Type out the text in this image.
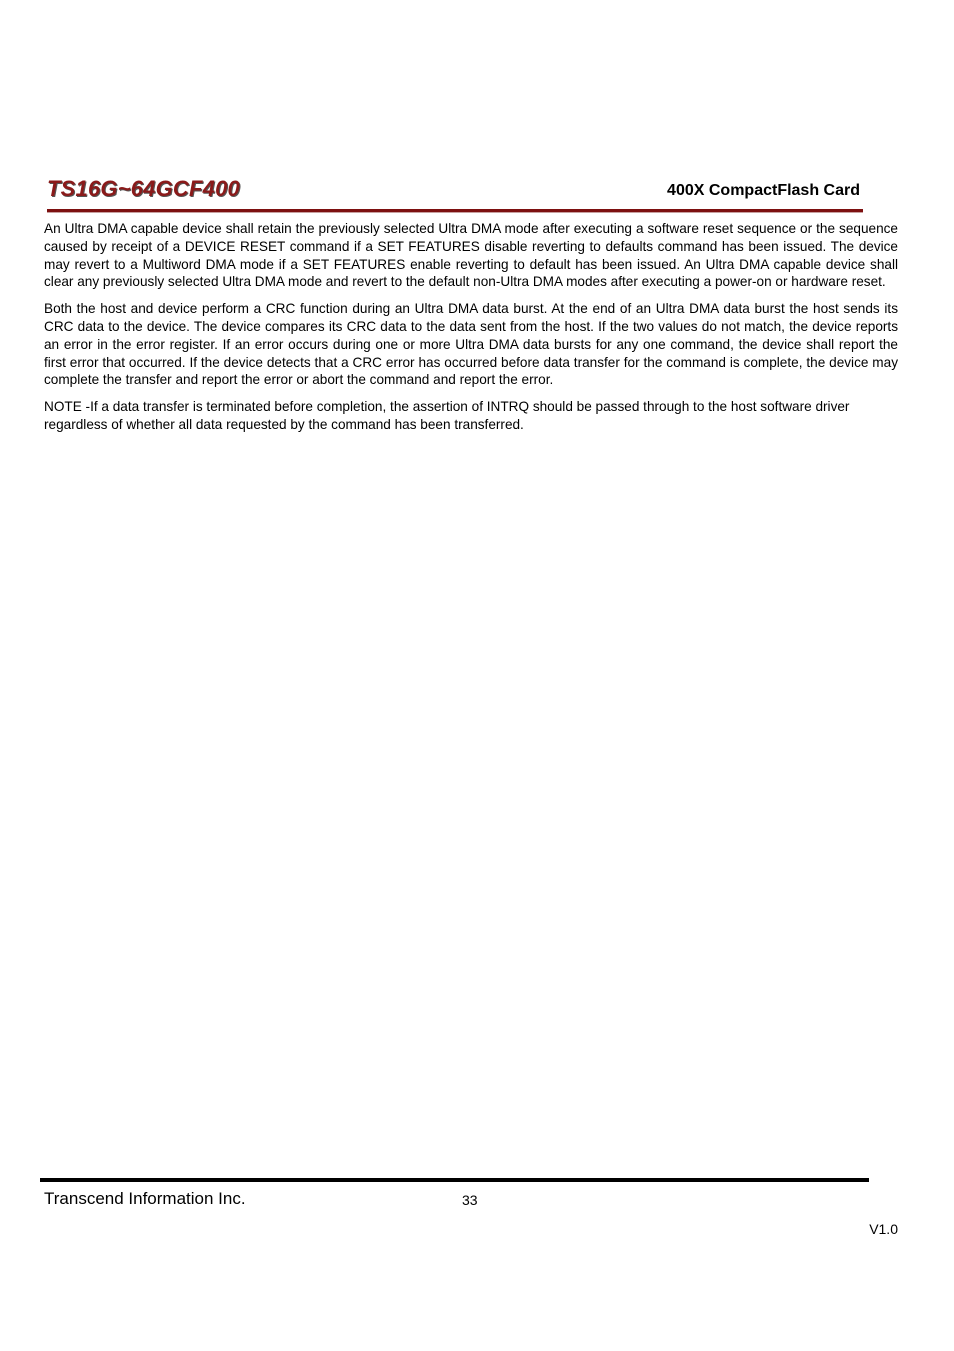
TS16G~64GCF400	400X CompactFlash Card

An Ultra DMA capable device shall retain the previously selected Ultra DMA mode after executing a software reset sequence or the sequence caused by receipt of a DEVICE RESET command if a SET FEATURES disable reverting to defaults command has been issued. The device may revert to a Multiword DMA mode if a SET FEATURES enable reverting to default has been issued. An Ultra DMA capable device shall clear any previously selected Ultra DMA mode and revert to the default non-Ultra DMA modes after executing a power-on or hardware reset.

Both the host and device perform a CRC function during an Ultra DMA data burst. At the end of an Ultra DMA data burst the host sends its CRC data to the device. The device compares its CRC data to the data sent from the host. If the two values do not match, the device reports an error in the error register. If an error occurs during one or more Ultra DMA data bursts for any one command, the device shall report the first error that occurred. If the device detects that a CRC error has occurred before data transfer for the command is complete, the device may complete the transfer and report the error or abort the command and report the error.

NOTE -If a data transfer is terminated before completion, the assertion of INTRQ should be passed through to the host software driver regardless of whether all data requested by the command has been transferred.

Transcend Information Inc.	33
V1.0
